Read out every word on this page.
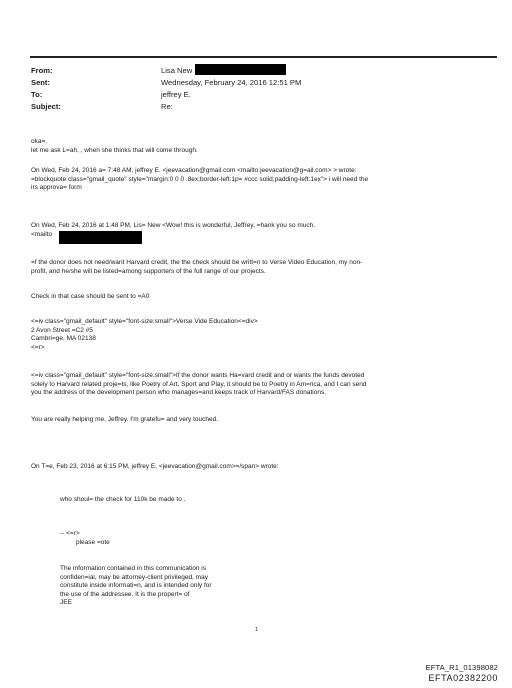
From:	Lisa New
Sent:	Wednesday, February 24, 2016 12:51 PM
To:	jeffrey E.
Subject:	Re:

oka=.

let me ask L=ah, , when she thinks that will come through.

On Wed, Feb 24, 2016 a= 7:48 AM, jeffrey E. <jeevacation@gmail.com <mailto:jeevacation@g=ail.com> > wrote:

=blockquote class="gmail_quote" style="margin:0 0 0 .8ex;border-left:1p= #ccc solid;padding-left:1ex"> i will need the

irs approva= form

On Wed, Feb 24, 2016 at 1:48 PM, Lis= New <Wow! this is wonderful, Jeffrey, =hank you so much.

<mailto

=f the donor does not need/want Harvard credit, the the check should be writt=n to Verse Video Education, my non-

profit, and he/she will be listed=among supporters of the full range of our projects.

Check in that case should be sent to =A0

<=iv class="gmail_default" style="font-size:small">Verse Vide Education<=div>

2 Avon Street =C2 #5

Cambri=ge, MA 02138

<=r>

<=iv class="gmail_default" style="font-size:small">If the donor wants Ha=vard credit and or wants the funds devoted

solely to Harvard related proje=ts, like Poetry of Art, Sport and Play, it should be to Poetry in Am=rica, and I can send

you the address of the development person who manages=and keeps track of Harvard/FAS donations.

You are really helping me, Jeffrey. I'm gratefu= and very touched.

On T=e, Feb 23, 2016 at 6:15 PM, jeffrey E. <jeevacation@gmail.com>=/span> wrote:

who shoul= the check for 110k be made to .

-- <=r>

please =ote

The information contained in this communication is

confiden=ial, may be attorney-client privileged, may

constitute inside informati=n, and is intended only for

the use of the addressee. It is the propert= of

JEE

1
EFTA_R1_01398082
EFTA02382200
